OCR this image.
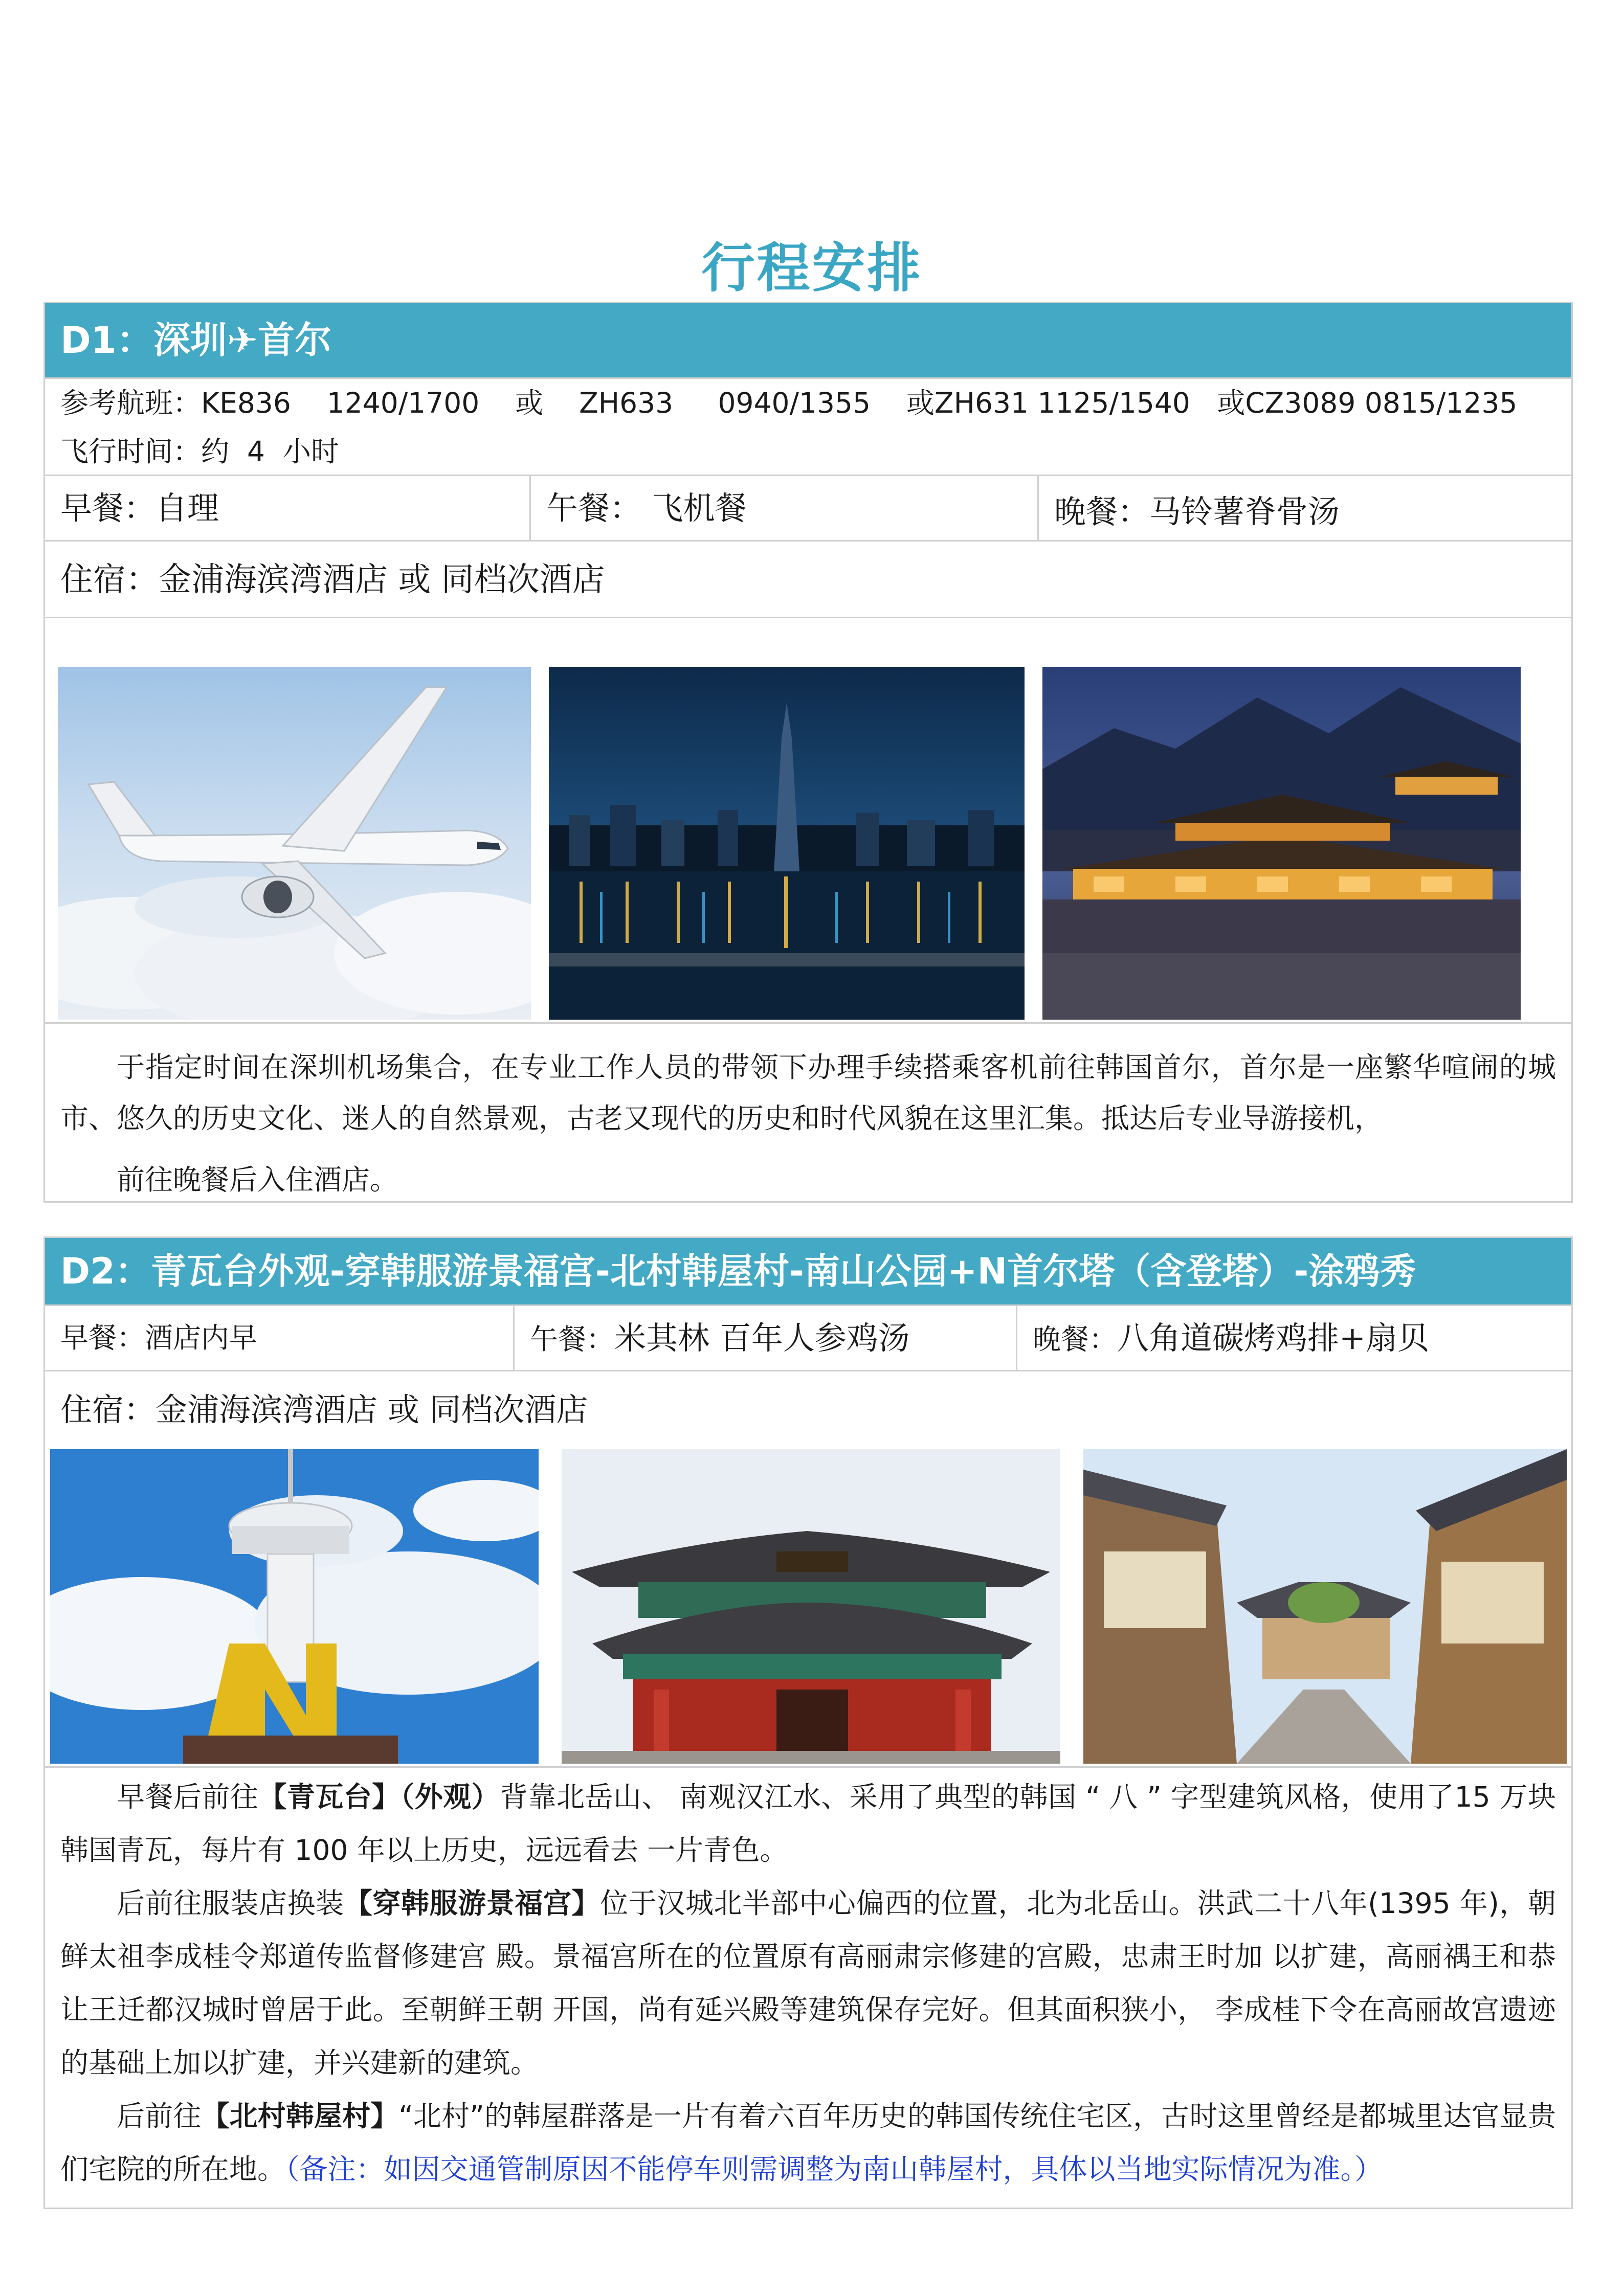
行程安排
D1：深圳✈首尔
参考航班：KE836    1240/1700    或    ZH633     0940/1355    或ZH631 1125/1540   或CZ3089 0815/1235
飞行时间：约  4  小时
早餐：自理	午餐： 飞机餐	晚餐：马铃薯脊骨汤
住宿：金浦海滨湾酒店 或 同档次酒店

于指定时间在深圳机场集合，在专业工作人员的带领下办理手续搭乘客机前往韩国首尔，首尔是一座繁华喧闹的城市、悠久的历史文化、迷人的自然景观，古老又现代的历史和时代风貌在这里汇集。抵达后专业导游接机，

前往晚餐后入住酒店。

D2：青瓦台外观-穿韩服游景福宫-北村韩屋村-南山公园+N首尔塔（含登塔）-涂鸦秀
早餐：酒店内早	午餐：米其林 百年人参鸡汤	晚餐：八角道碳烤鸡排+扇贝
住宿：金浦海滨湾酒店 或 同档次酒店

早餐后前往【青瓦台】（外观）背靠北岳山、 南观汉江水、采用了典型的韩国 “ 八 ” 字型建筑风格，使用了15 万块韩国青瓦，每片有 100 年以上历史，远远看去 一片青色。

后前往服装店换装【穿韩服游景福宫】位于汉城北半部中心偏西的位置，北为北岳山。洪武二十八年(1395 年)，朝鲜太祖李成桂令郑道传监督修建宫 殿。景福宫所在的位置原有高丽肃宗修建的宫殿，忠肃王时加 以扩建，高丽禑王和恭让王迁都汉城时曾居于此。至朝鲜王朝 开国，尚有延兴殿等建筑保存完好。但其面积狭小， 李成桂下令在高丽故宫遗迹的基础上加以扩建，并兴建新的建筑。

后前往【北村韩屋村】“北村”的韩屋群落是一片有着六百年历史的韩国传统住宅区，古时这里曾经是都城里达官显贵们宅院的所在地。（备注：如因交通管制原因不能停车则需调整为南山韩屋村，具体以当地实际情况为准。）
